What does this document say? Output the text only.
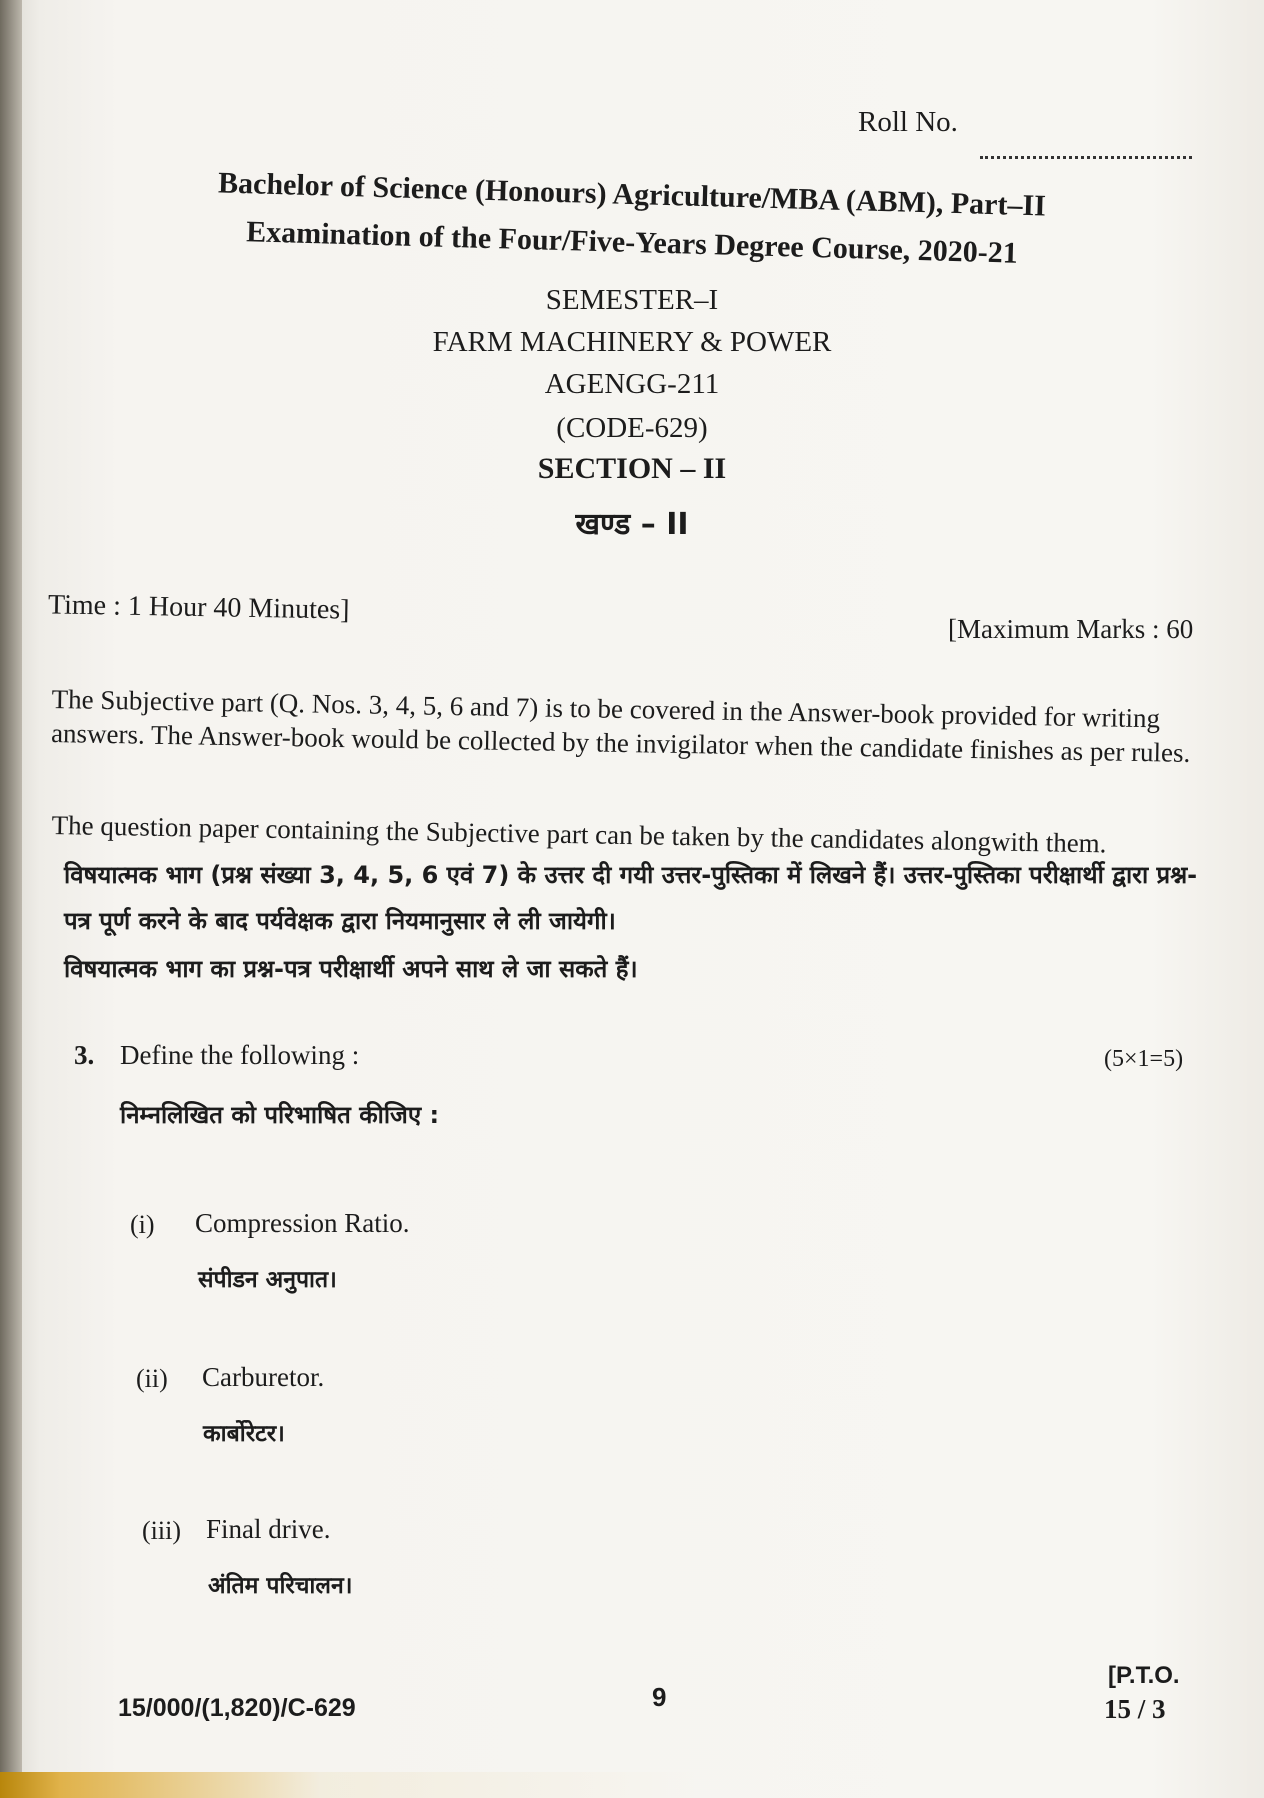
Roll No.
Bachelor of Science (Honours) Agriculture/MBA (ABM), Part–II
Examination of the Four/Five-Years Degree Course, 2020-21
SEMESTER–I
FARM MACHINERY & POWER
AGENGG-211
(CODE-629)
SECTION – II
खण्ड – II
Time : 1 Hour 40 Minutes]
[Maximum Marks : 60
The Subjective part (Q. Nos. 3, 4, 5, 6 and 7) is to be covered in the Answer-book provided for writing answers. The Answer-book would be collected by the invigilator when the candidate finishes as per rules.
The question paper containing the Subjective part can be taken by the candidates alongwith them.
विषयात्मक भाग (प्रश्न संख्या 3, 4, 5, 6 एवं 7) के उत्तर दी गयी उत्तर-पुस्तिका में लिखने हैं। उत्तर-पुस्तिका परीक्षार्थी द्वारा प्रश्न-पत्र पूर्ण करने के बाद पर्यवेक्षक द्वारा नियमानुसार ले ली जायेगी।
विषयात्मक भाग का प्रश्न-पत्र परीक्षार्थी अपने साथ ले जा सकते हैं।
3. Define the following :	(5×1=5)
निम्नलिखित को परिभाषित कीजिए :
(i) Compression Ratio.
संपीडन अनुपात।
(ii) Carburetor.
कार्बोरेटर।
(iii) Final drive.
अंतिम परिचालन।
15/000/(1,820)/C-629	9
[P.T.O.
15 / 3
